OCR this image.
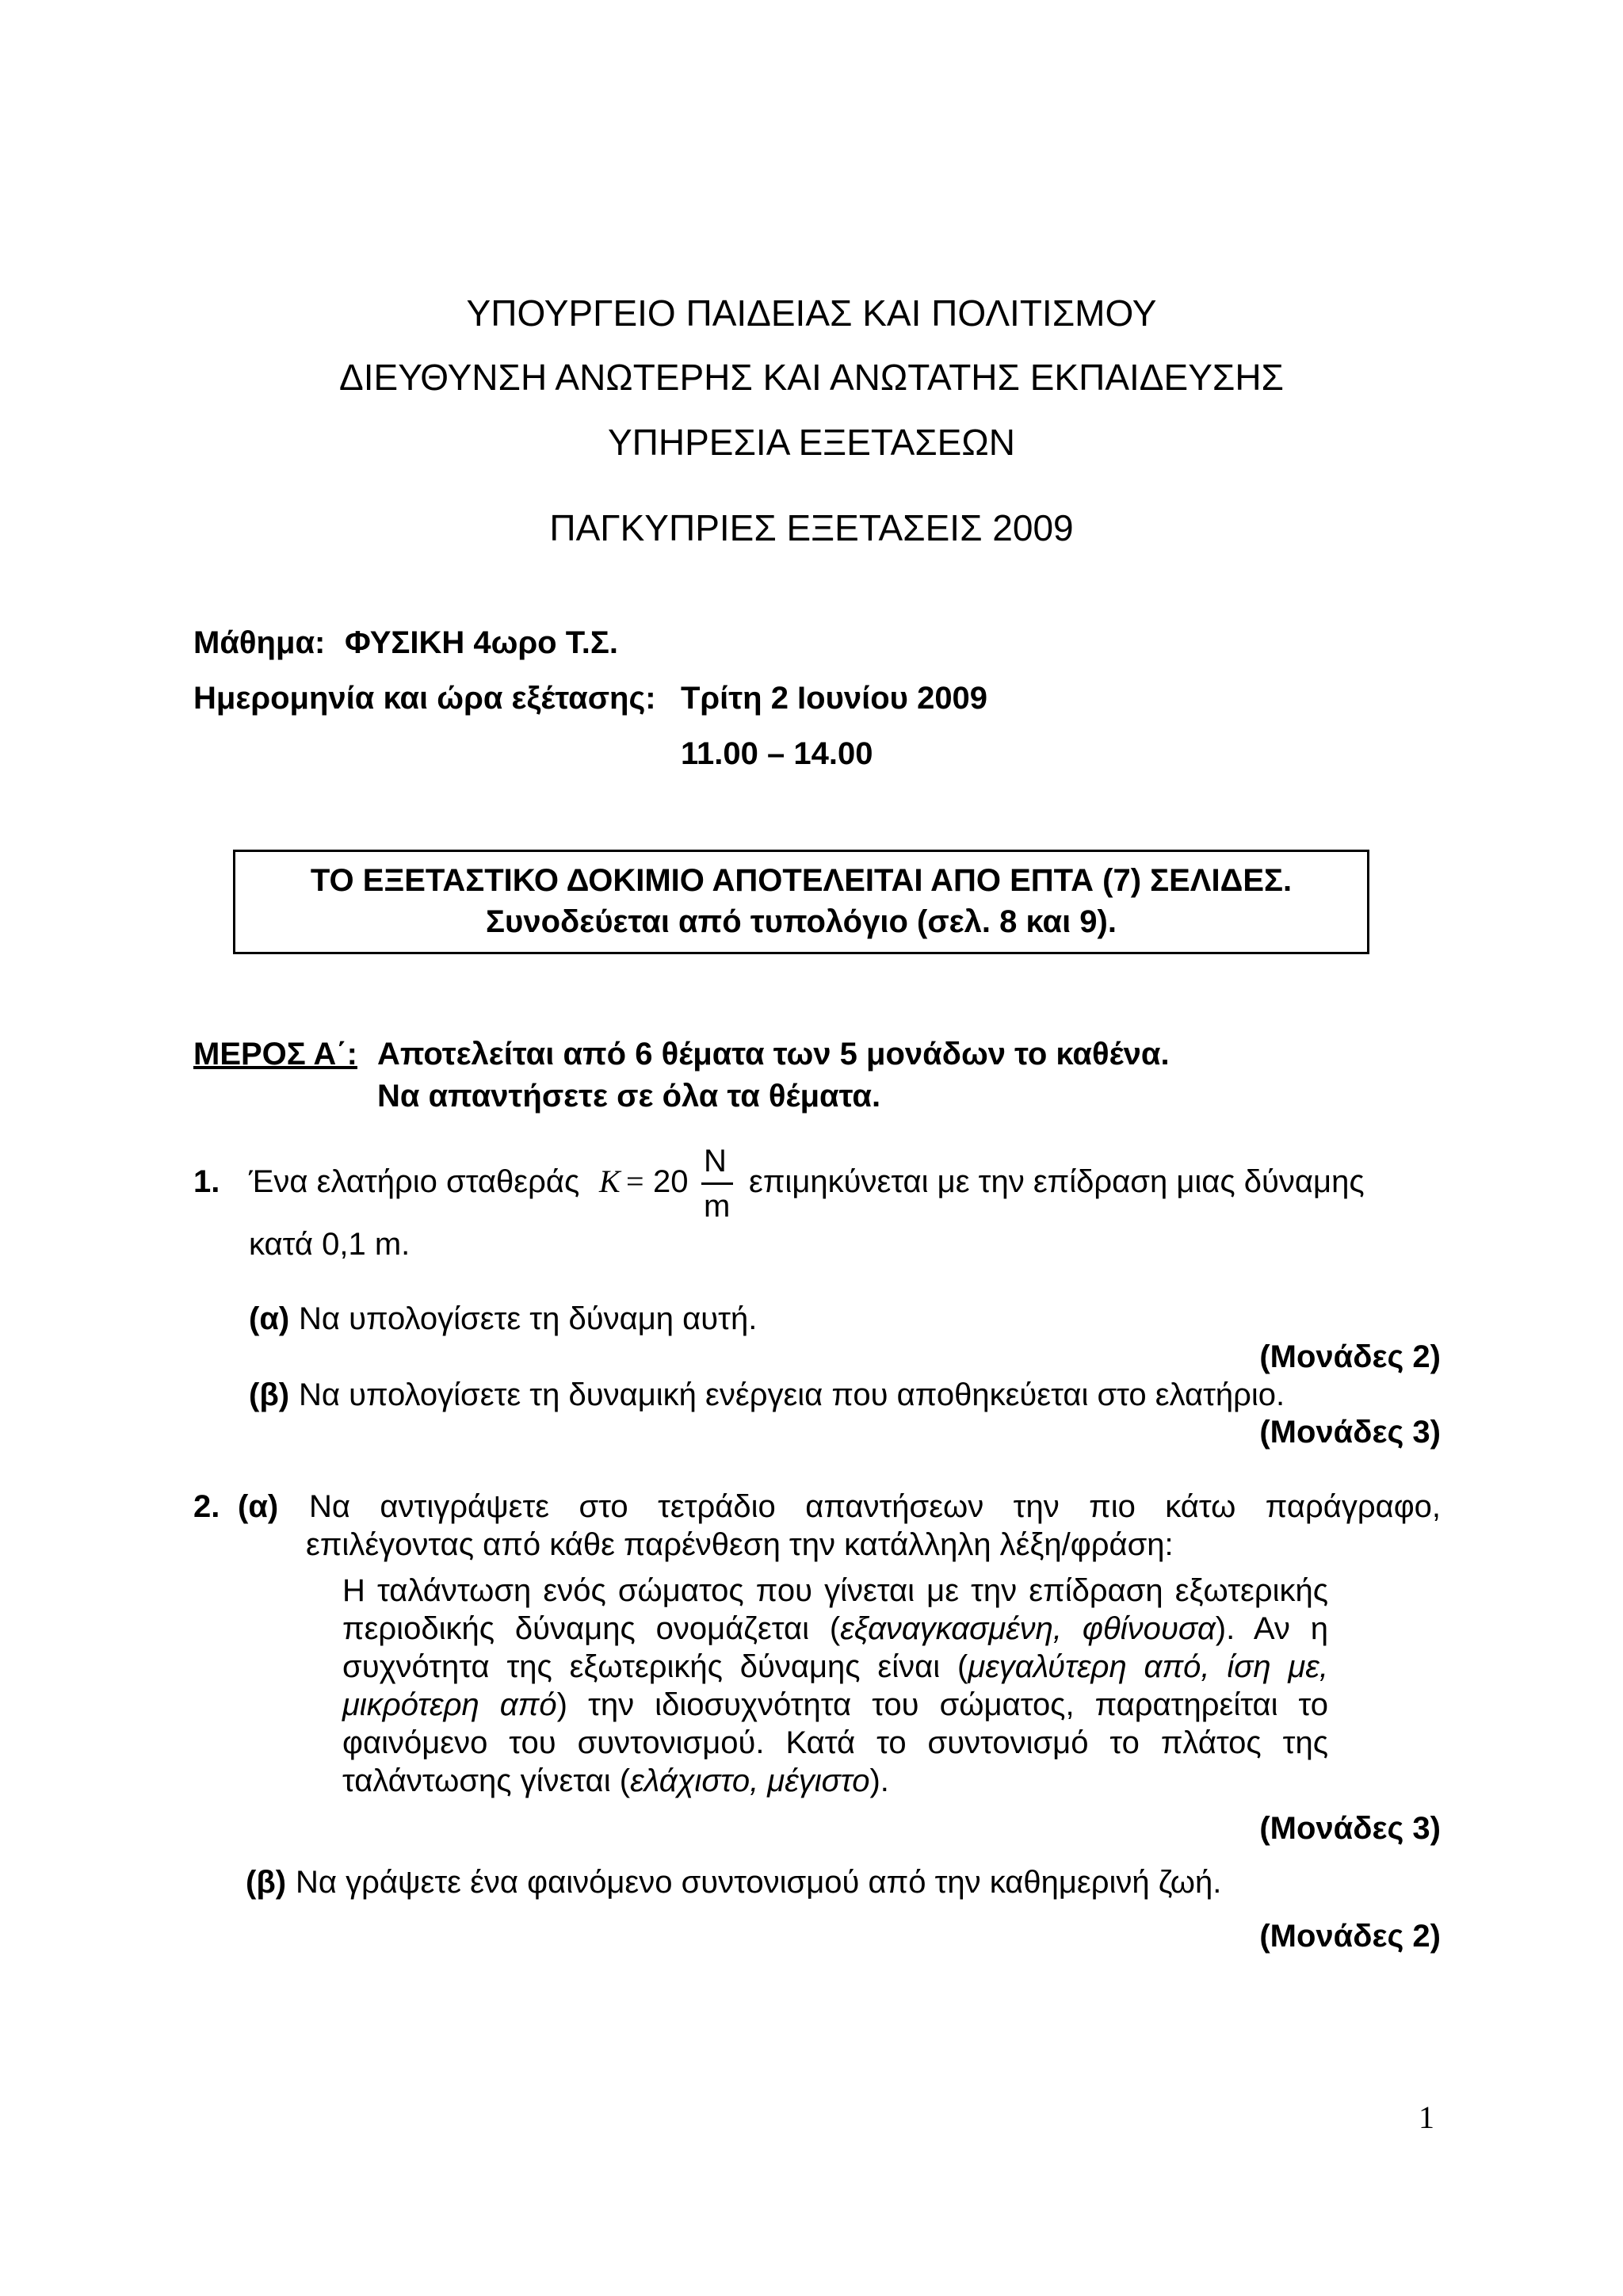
ΥΠΟΥΡΓΕΙΟ ΠΑΙΔΕΙΑΣ ΚΑΙ ΠΟΛΙΤΙΣΜΟΥ
ΔΙΕΥΘΥΝΣΗ ΑΝΩΤΕΡΗΣ ΚΑΙ ΑΝΩΤΑΤΗΣ ΕΚΠΑΙΔΕΥΣΗΣ
ΥΠΗΡΕΣΙΑ ΕΞΕΤΑΣΕΩΝ
ΠΑΓΚΥΠΡΙΕΣ ΕΞΕΤΑΣΕΙΣ 2009
Μάθημα: ΦΥΣΙΚΗ 4ωρο Τ.Σ.
Ημερομηνία και ώρα εξέτασης: Τρίτη 2 Ιουνίου 2009
11.00 – 14.00
ΤΟ ΕΞΕΤΑΣΤΙΚΟ ΔΟΚΙΜΙΟ ΑΠΟΤΕΛΕΙΤΑΙ ΑΠΟ ΕΠΤΑ (7) ΣΕΛΙΔΕΣ.
Συνοδεύεται από τυπολόγιο (σελ. 8 και 9).
ΜΕΡΟΣ Α΄: Αποτελείται από 6 θέματα των 5 μονάδων το καθένα.
Να απαντήσετε σε όλα τα θέματα.
1. Ένα ελατήριο σταθεράς K = 20
N
m
επιμηκύνεται με την επίδραση μιας δύναμης
κατά 0,1 m.
(α) Να υπολογίσετε τη δύναμη αυτή.
(Μονάδες 2)
(β) Να υπολογίσετε τη δυναμική ενέργεια που αποθηκεύεται στο ελατήριο.
(Μονάδες 3)
2. (α) Να αντιγράψετε στο τετράδιο απαντήσεων την πιο κάτω παράγραφο,
επιλέγοντας από κάθε παρένθεση την κατάλληλη λέξη/φράση:
Η ταλάντωση ενός σώματος που γίνεται με την επίδραση εξωτερικής περιοδικής δύναμης ονομάζεται (εξαναγκασμένη, φθίνουσα). Αν η συχνότητα της εξωτερικής δύναμης είναι (μεγαλύτερη από, ίση με, μικρότερη από) την ιδιοσυχνότητα του σώματος, παρατηρείται το φαινόμενο του συντονισμού. Κατά το συντονισμό το πλάτος της ταλάντωσης γίνεται (ελάχιστο, μέγιστο).
(Μονάδες 3)
(β) Να γράψετε ένα φαινόμενο συντονισμού από την καθημερινή ζωή.
(Μονάδες 2)
1
